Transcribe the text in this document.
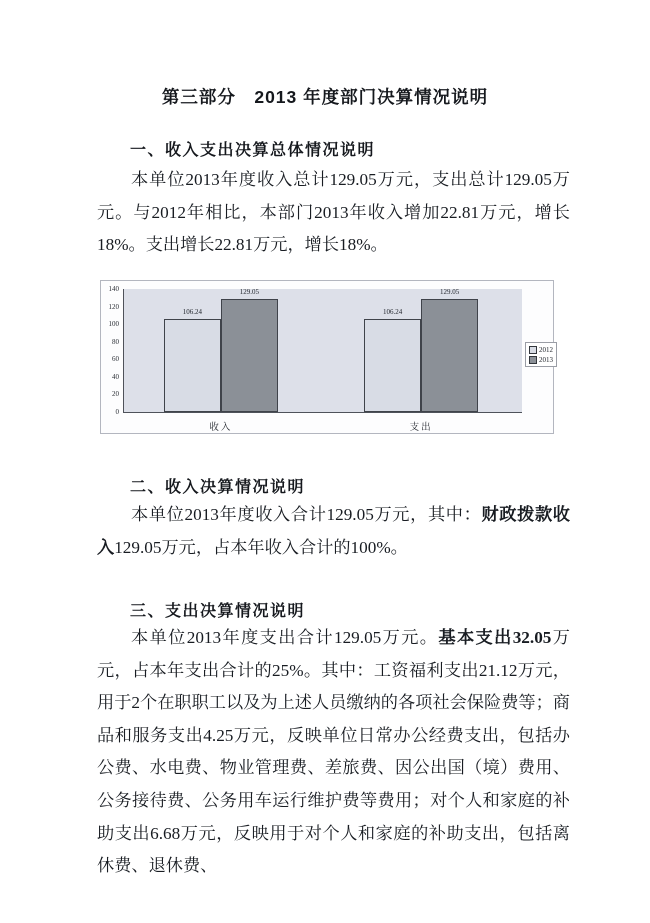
第三部分　2013 年度部门决算情况说明
一、收入支出决算总体情况说明
本单位2013年度收入总计129.05万元，支出总计129.05万元。与2012年相比，本部门2013年收入增加22.81万元，增长18%。支出增长22.81万元，增长18%。
0
20
40
60
80
100
120
140
106.24
129.05
106.24
129.05
收入	支出
2012
2013
二、收入决算情况说明
本单位2013年度收入合计129.05万元，其中：财政拨款收入129.05万元，占本年收入合计的100%。
三、支出决算情况说明
本单位2013年度支出合计129.05万元。基本支出32.05万元，占本年支出合计的25%。其中：工资福利支出21.12万元，用于2个在职职工以及为上述人员缴纳的各项社会保险费等；商品和服务支出4.25万元，反映单位日常办公经费支出，包括办公费、水电费、物业管理费、差旅费、因公出国（境）费用、公务接待费、公务用车运行维护费等费用；对个人和家庭的补助支出6.68万元，反映用于对个人和家庭的补助支出，包括离休费、退休费、
